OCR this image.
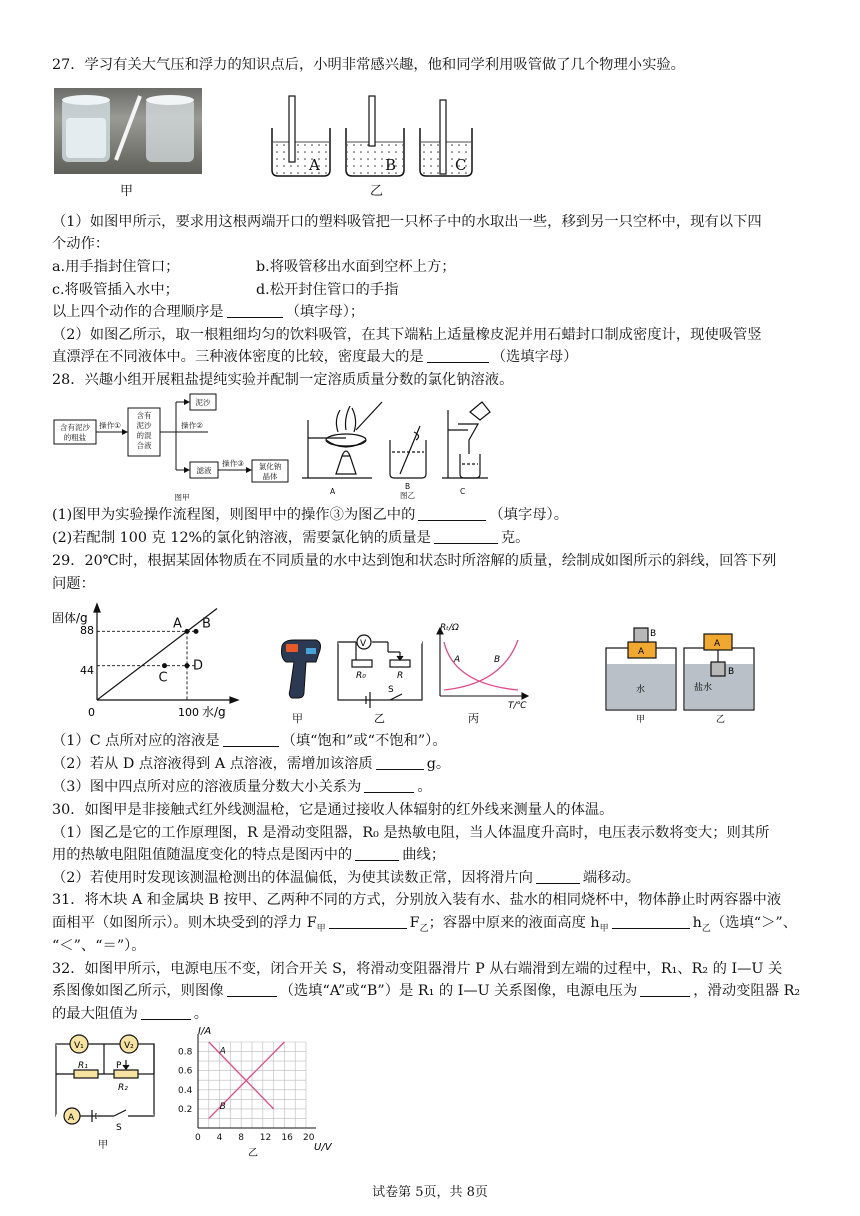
27．学习有关大气压和浮力的知识点后，小明非常感兴趣，他和同学利用吸管做了几个物理小实验。
甲
A	B	C
乙
（1）如图甲所示，要求用这根两端开口的塑料吸管把一只杯子中的水取出一些，移到另一只空杯中，现有以下四
个动作：
a.用手指封住管口；	b.将吸管移出水面到空杯上方；
c.将吸管插入水中；	d.松开封住管口的手指
以上四个动作的合理顺序是	（填字母）；
（2）如图乙所示，取一根粗细均匀的饮料吸管，在其下端粘上适量橡皮泥并用石蜡封口制成密度计，现使吸管竖
直漂浮在不同液体中。三种液体密度的比较，密度最大的是	（选填字母）
28．兴趣小组开展粗盐提纯实验并配制一定溶质质量分数的氯化钠溶液。
含有泥沙
的粗盐
操作①
含有
泥沙
的混
合液
操作②
泥沙
滤液
操作③ 氯化钠
晶体
图甲
A
B
图乙	C
(1)图甲为实验操作流程图，则图甲中的操作③为图乙中的	（填字母）。
(2)若配制 100 克 12%的氯化钠溶液，需要氯化钠的质量是	克。
29．20℃时，根据某固体物质在不同质量的水中达到饱和状态时所溶解的质量，绘制成如图所示的斜线，回答下列
问题：
A B
C
D
固体/g
水/g
0	100
44
88
甲
V
R₀	R
S
乙
Rₜ/Ω
T/℃
A	B
丙
B
A
A
B
水	盐水
甲	乙
（1）C 点所对应的溶液是	（填“饱和”或“不饱和”）。
（2）若从 D 点溶液得到 A 点溶液，需增加该溶质	g。
（3）图中四点所对应的溶液质量分数大小关系为	。
30．如图甲是非接触式红外线测温枪，它是通过接收人体辐射的红外线来测量人的体温。
（1）图乙是它的工作原理图，R 是滑动变阻器，R₀ 是热敏电阻，当人体温度升高时，电压表示数将变大；则其所
用的热敏电阻阻值随温度变化的特点是图丙中的	曲线；
（2）若使用时发现该测温枪测出的体温偏低，为使其读数正常，因将滑片向	端移动。
31．将木块 A 和金属块 B 按甲、乙两种不同的方式，分别放入装有水、盐水的相同烧杯中，物体静止时两容器中液
面相平（如图所示）。则木块受到的浮力 $F_甲$	$F_乙$；容器中原来的液面高度 $h_甲$	$h_乙$（选填“＞”、
“＜”、“＝”）。
32．如图甲所示，电源电压不变，闭合开关 S，将滑动变阻器滑片 P 从右端滑到左端的过程中，R₁、R₂ 的 I—U 关
系图像如图乙所示，则图像	（选填“A”或“B”）是 R₁ 的 I—U 关系图像，电源电压为	，滑动变阻器 R₂
的最大阻值为	。
V₁	V₂
R₁	P
R₂
A
S
甲
0 4 8 12 16 20
0.2
0.4
0.6
0.8	A
B
I/A
U/V
乙
试卷第 5页，共 8页
